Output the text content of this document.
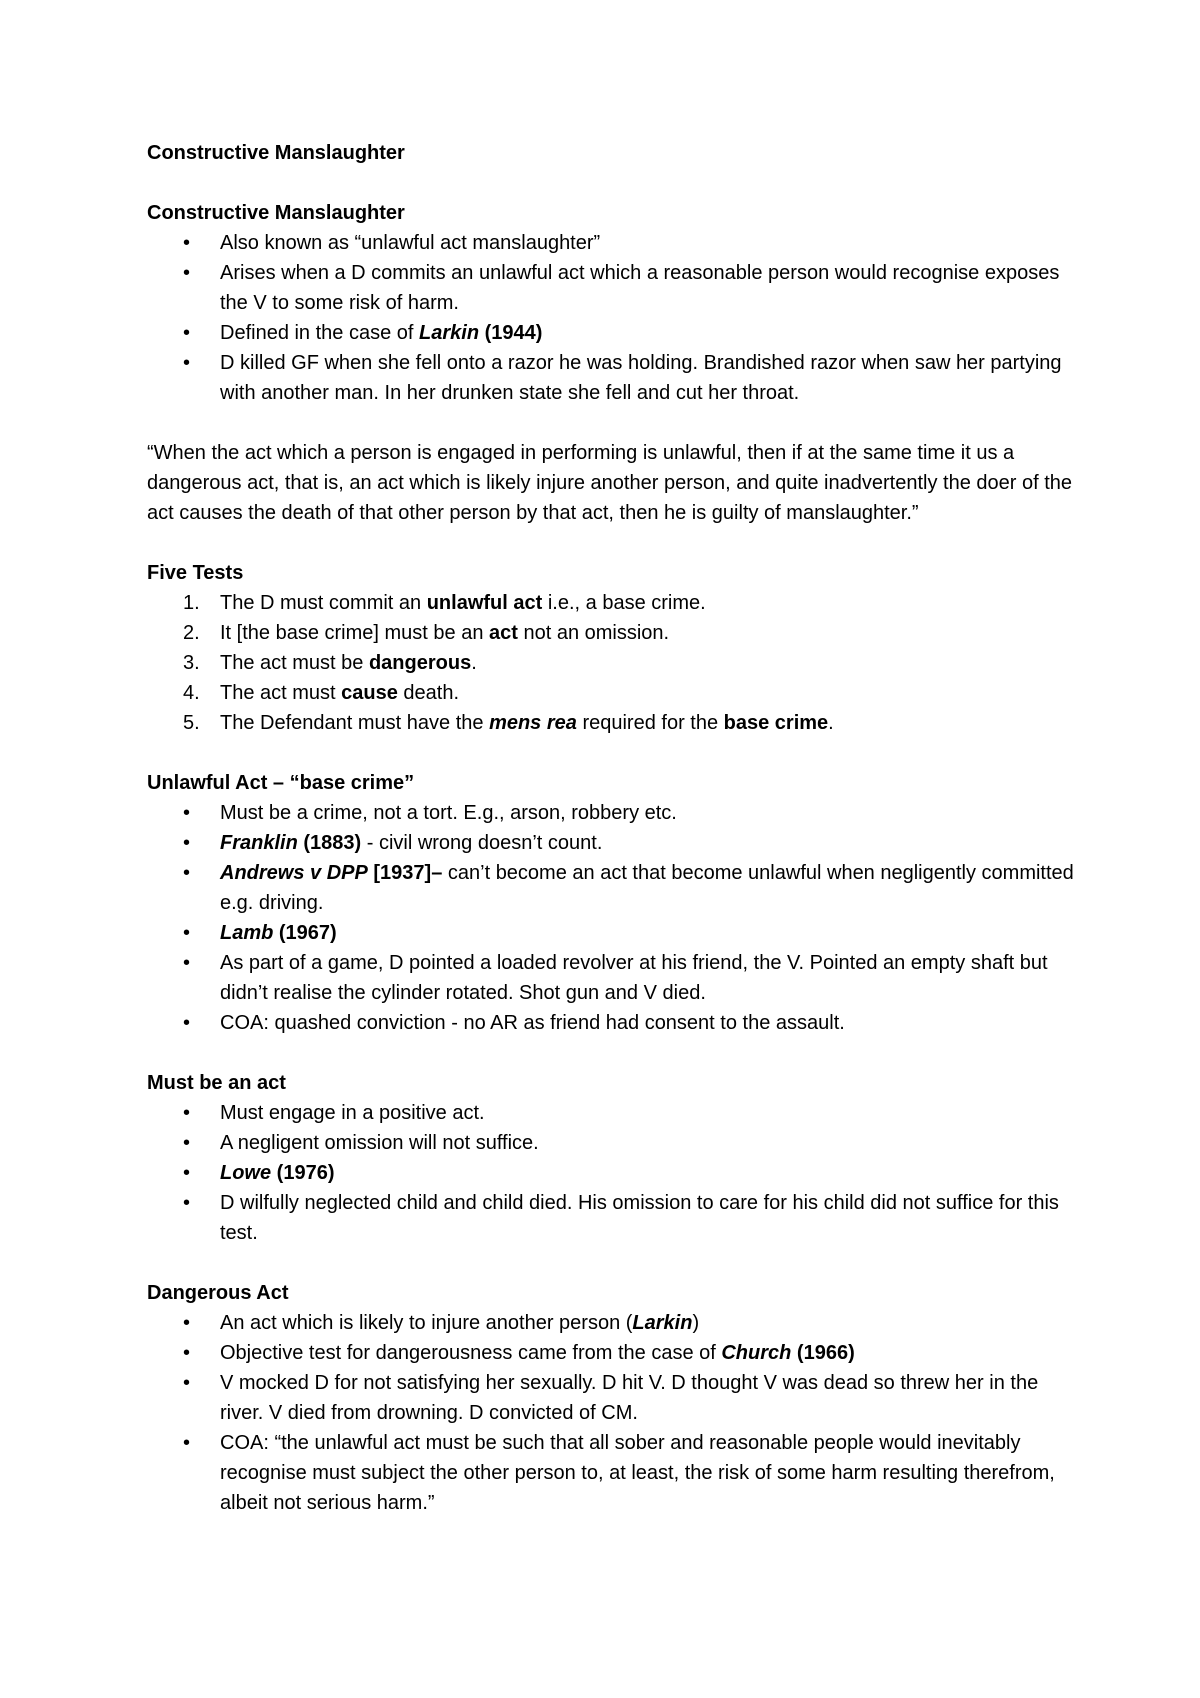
Constructive Manslaughter

Constructive Manslaughter

•	Also known as “unlawful act manslaughter”
•	Arises when a D commits an unlawful act which a reasonable person would recognise exposes the V to some risk of harm.
•	Defined in the case of Larkin (1944)
•	D killed GF when she fell onto a razor he was holding. Brandished razor when saw her partying with another man. In her drunken state she fell and cut her throat.

“When the act which a person is engaged in performing is unlawful, then if at the same time it us a dangerous act, that is, an act which is likely injure another person, and quite inadvertently the doer of the act causes the death of that other person by that act, then he is guilty of manslaughter.”

Five Tests

1.	The D must commit an unlawful act i.e., a base crime.
2.	It [the base crime] must be an act not an omission.
3.	The act must be dangerous.
4.	The act must cause death.
5.	The Defendant must have the mens rea required for the base crime.

Unlawful Act – “base crime”

•	Must be a crime, not a tort. E.g., arson, robbery etc.
•	Franklin (1883) - civil wrong doesn’t count.
•	Andrews v DPP [1937]– can’t become an act that become unlawful when negligently committed e.g. driving.
•	Lamb (1967)
•	As part of a game, D pointed a loaded revolver at his friend, the V. Pointed an empty shaft but didn’t realise the cylinder rotated. Shot gun and V died.
•	COA: quashed conviction - no AR as friend had consent to the assault.

Must be an act

•	Must engage in a positive act.
•	A negligent omission will not suffice.
•	Lowe (1976)
•	D wilfully neglected child and child died. His omission to care for his child did not suffice for this test.

Dangerous Act

•	An act which is likely to injure another person (Larkin)
•	Objective test for dangerousness came from the case of Church (1966)
•	V mocked D for not satisfying her sexually. D hit V. D thought V was dead so threw her in the river. V died from drowning. D convicted of CM.
•	COA: “the unlawful act must be such that all sober and reasonable people would inevitably recognise must subject the other person to, at least, the risk of some harm resulting therefrom, albeit not serious harm.”
